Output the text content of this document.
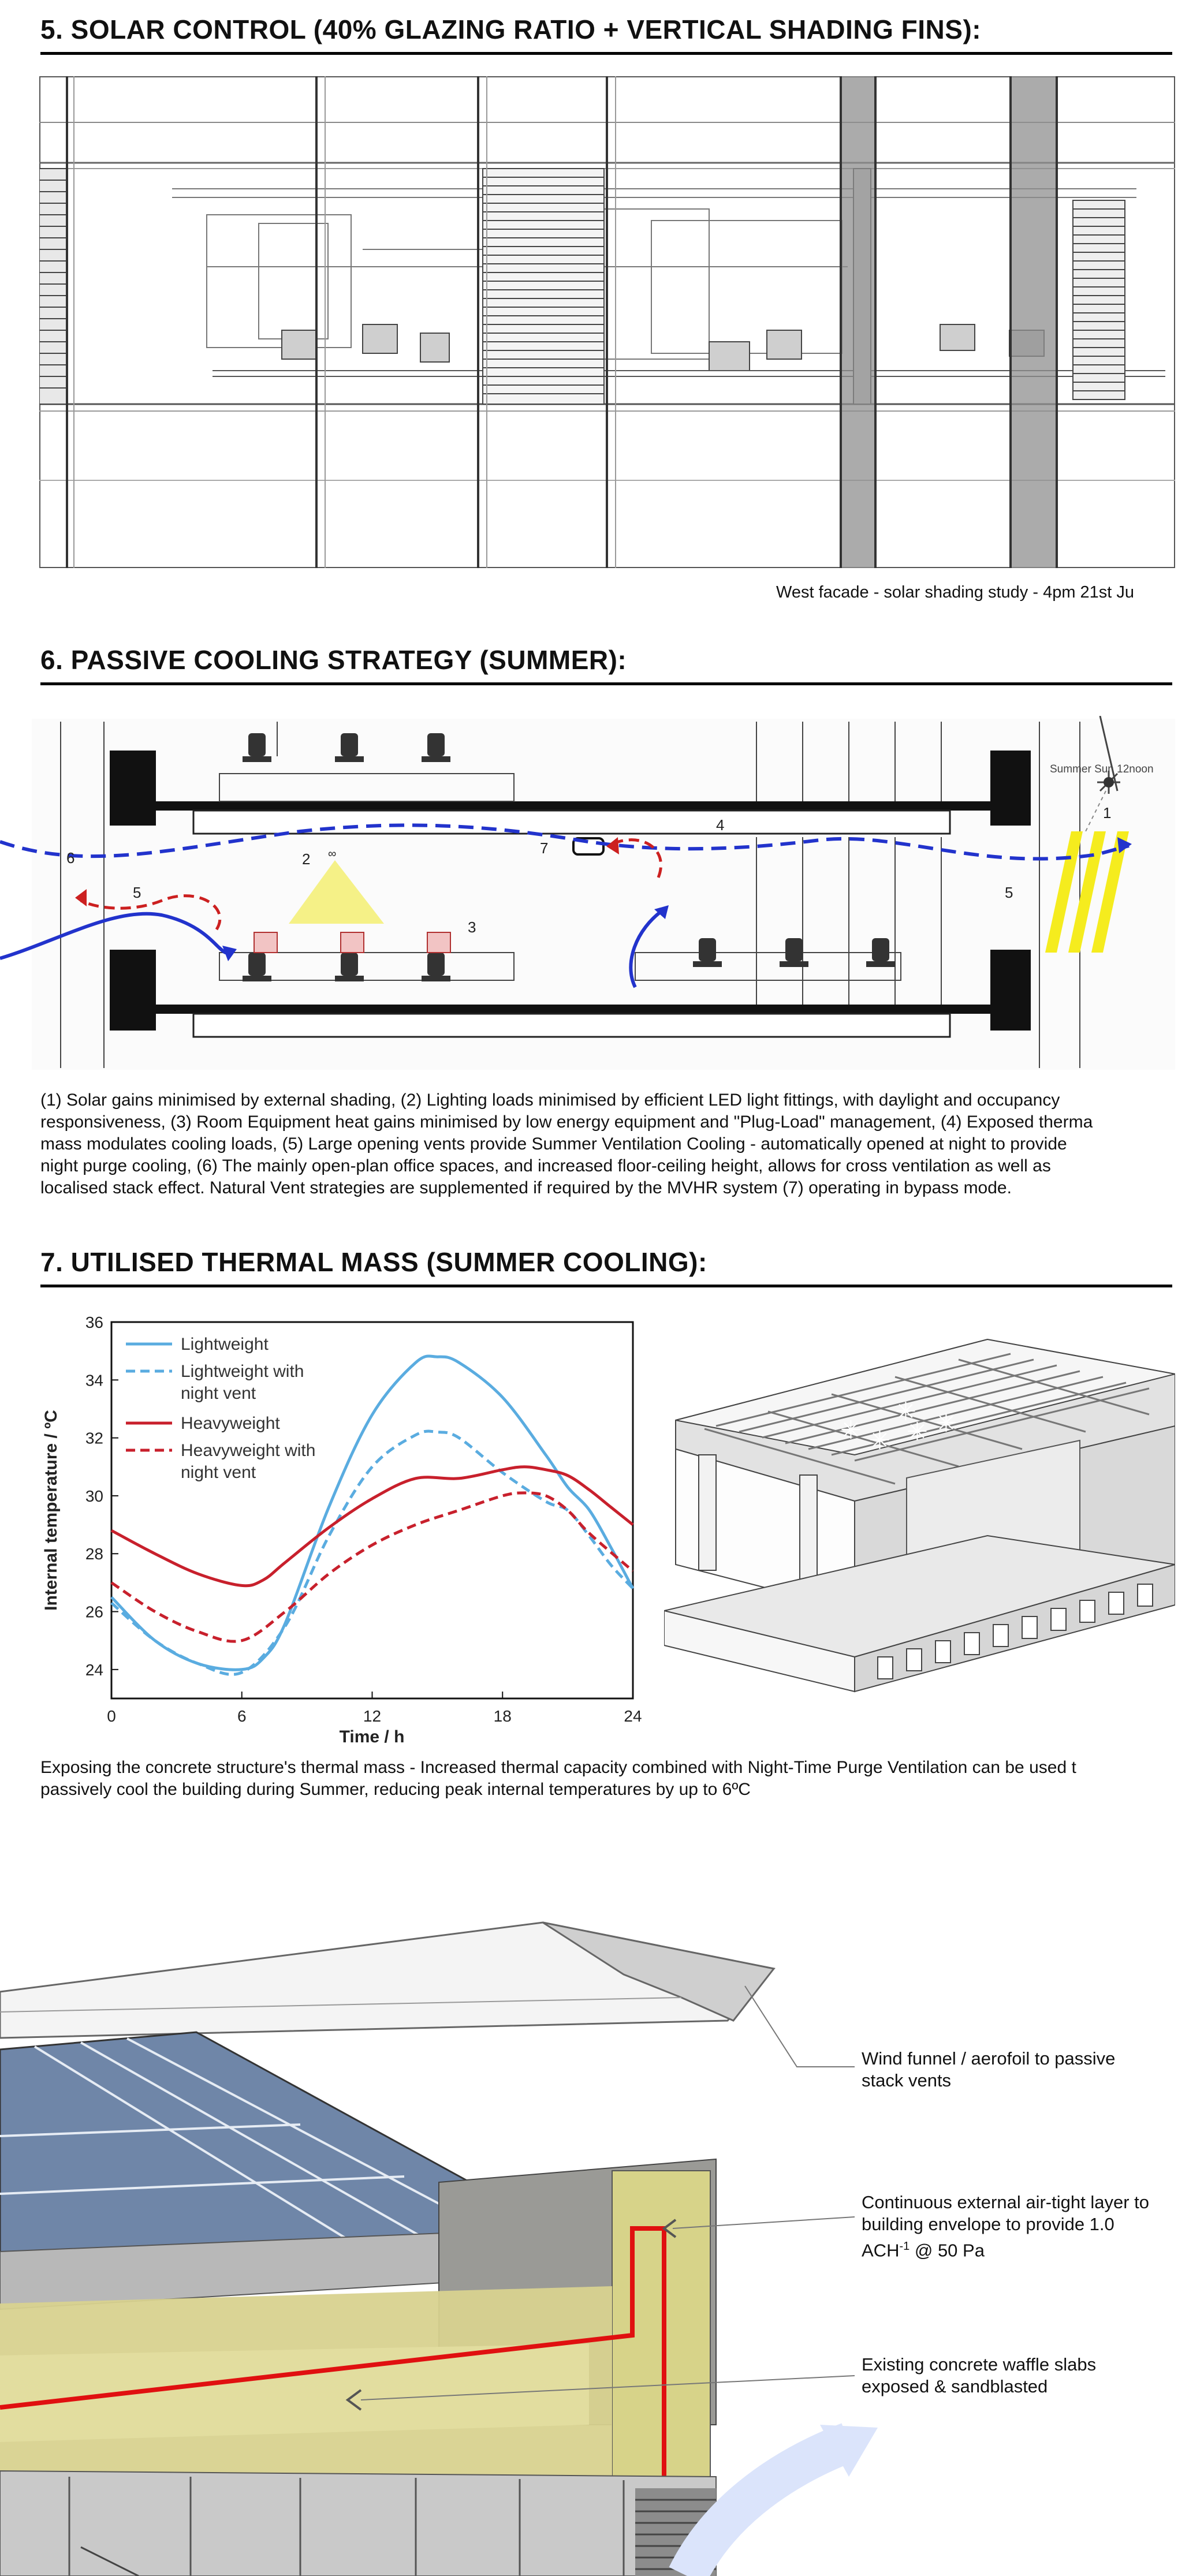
5. SOLAR CONTROL (40% GLAZING RATIO + VERTICAL SHADING FINS):
West facade - solar shading study - 4pm 21st Ju
6. PASSIVE COOLING STRATEGY (SUMMER):
Summer Sun 12noon
1
2
3
4
5	5
6
7
∞
(1) Solar gains minimised by external shading, (2) Lighting loads minimised by efficient LED light fittings, with daylight and occupancy
responsiveness, (3) Room Equipment heat gains minimised by low energy equipment and "Plug-Load" management, (4) Exposed therma
mass modulates cooling loads, (5) Large opening vents provide Summer Ventilation Cooling - automatically opened at night to provide
night purge cooling, (6) The mainly open-plan office spaces, and increased floor-ceiling height, allows for cross ventilation as well as
localised stack effect. Natural Vent strategies are supplemented if required by the MVHR system (7) operating in bypass mode.
7. UTILISED THERMAL MASS (SUMMER COOLING):
0	6	12	18	24
24
26
28
30
32
34
36
Lightweight
Lightweight with
night vent
Heavyweight
Heavyweight with
night vent
Time / h
Internal temperature / ºC	✳ ✳ ✳ ✳
✳
Exposing the concrete structure's thermal mass - Increased thermal capacity combined with Night-Time Purge Ventilation can be used t
passively cool the building during Summer, reducing peak internal temperatures by up to 6ºC
Wind funnel / aerofoil to passive
stack vents
Continuous external air-tight layer to
building envelope to provide 1.0
$ACH^{-1}$ @ 50 Pa
Existing concrete waffle slabs
exposed & sandblasted
